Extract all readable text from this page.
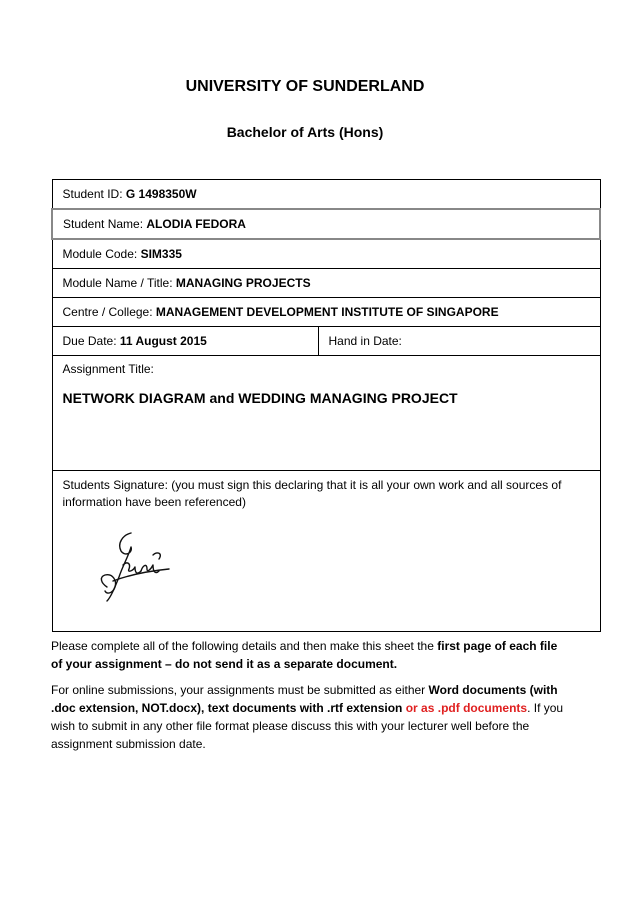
UNIVERSITY OF SUNDERLAND
Bachelor of Arts (Hons)
Student ID: G 1498350W
Student Name: ALODIA FEDORA
Module Code: SIM335
Module Name / Title: MANAGING PROJECTS
Centre / College: MANAGEMENT DEVELOPMENT INSTITUTE OF SINGAPORE
Due Date: 11 August 2015	Hand in Date:

Assignment Title:
NETWORK DIAGRAM and WEDDING MANAGING PROJECT

Students Signature: (you must sign this declaring that it is all your own work and all sources of information have been referenced)

Please complete all of the following details and then make this sheet the first page of each file of your assignment – do not send it as a separate document.

For online submissions, your assignments must be submitted as either Word documents (with .doc extension, NOT.docx), text documents with .rtf extension or as .pdf documents. If you wish to submit in any other file format please discuss this with your lecturer well before the assignment submission date.
